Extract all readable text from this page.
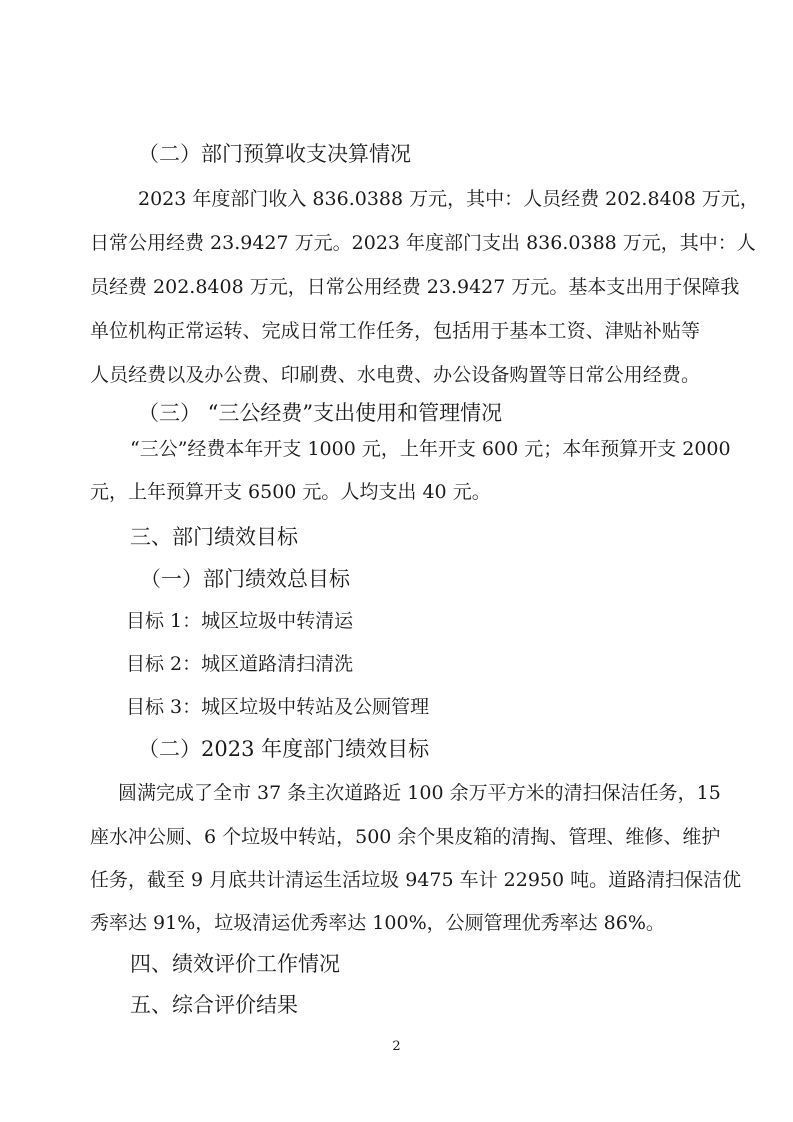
（二）部门预算收支决算情况
2023 年度部门收入 836.0388 万元，其中：人员经费 202.8408 万元，
日常公用经费 23.9427 万元。2023 年度部门支出 836.0388 万元，其中：人
员经费 202.8408 万元，日常公用经费 23.9427 万元。基本支出用于保障我
单位机构正常运转、完成日常工作任务，包括用于基本工资、津贴补贴等
人员经费以及办公费、印刷费、水电费、办公设备购置等日常公用经费。
（三） “三公经费”支出使用和管理情况
“三公”经费本年开支 1000 元，上年开支 600 元；本年预算开支 2000
元，上年预算开支 6500 元。人均支出 40 元。
三、部门绩效目标
（一）部门绩效总目标
目标 1：城区垃圾中转清运
目标 2：城区道路清扫清洗
目标 3：城区垃圾中转站及公厕管理
（二）2023 年度部门绩效目标
圆满完成了全市 37 条主次道路近 100 余万平方米的清扫保洁任务，15
座水冲公厕、6 个垃圾中转站，500 余个果皮箱的清掏、管理、维修、维护
任务，截至 9 月底共计清运生活垃圾 9475 车计 22950 吨。道路清扫保洁优
秀率达 91%，垃圾清运优秀率达 100%，公厕管理优秀率达 86%。
四、绩效评价工作情况
五、综合评价结果
2
